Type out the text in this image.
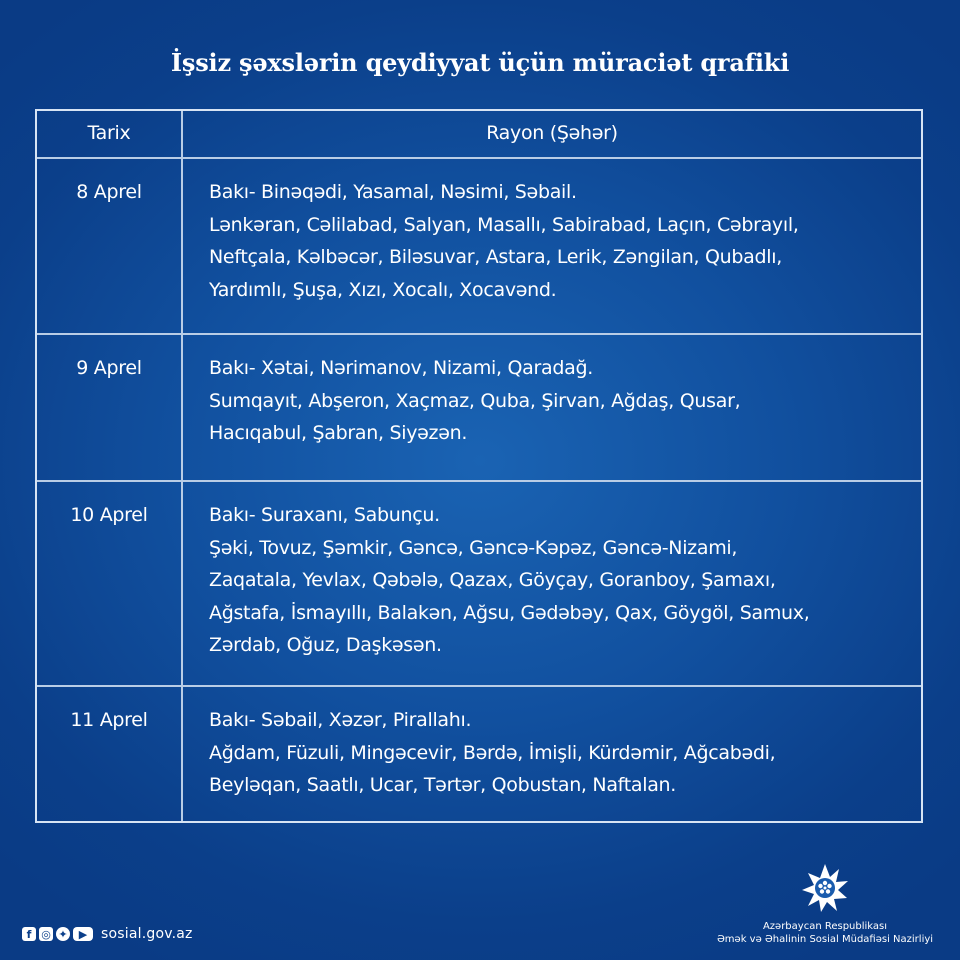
İşsiz şəxslərin qeydiyyat üçün müraciət qrafiki
Tarix	Rayon (Şəhər)
8 Aprel	Bakı- Binəqədi, Yasamal, Nəsimi, Səbail.
Lənkəran, Cəlilabad, Salyan, Masallı, Sabirabad, Laçın, Cəbrayıl,
Neftçala, Kəlbəcər, Biləsuvar, Astara, Lerik, Zəngilan, Qubadlı,
Yardımlı, Şuşa, Xızı, Xocalı, Xocavənd.
9 Aprel	Bakı- Xətai, Nərimanov, Nizami, Qaradağ.
Sumqayıt, Abşeron, Xaçmaz, Quba, Şirvan, Ağdaş, Qusar,
Hacıqabul, Şabran, Siyəzən.
10 Aprel	Bakı- Suraxanı, Sabunçu.
Şəki, Tovuz, Şəmkir, Gəncə, Gəncə-Kəpəz, Gəncə-Nizami,
Zaqatala, Yevlax, Qəbələ, Qazax, Göyçay, Goranboy, Şamaxı,
Ağstafa, İsmayıllı, Balakən, Ağsu, Gədəbəy, Qax, Göygöl, Samux,
Zərdab, Oğuz, Daşkəsən.
11 Aprel	Bakı- Səbail, Xəzər, Pirallahı.
Ağdam, Füzuli, Mingəcevir, Bərdə, İmişli, Kürdəmir, Ağcabədi,
Beyləqan, Saatlı, Ucar, Tərtər, Qobustan, Naftalan.
f ◎ ✦	▶ sosial.gov.az	Azərbaycan Respublikası
Əmək və Əhalinin Sosial Müdafiəsi Nazirliyi
